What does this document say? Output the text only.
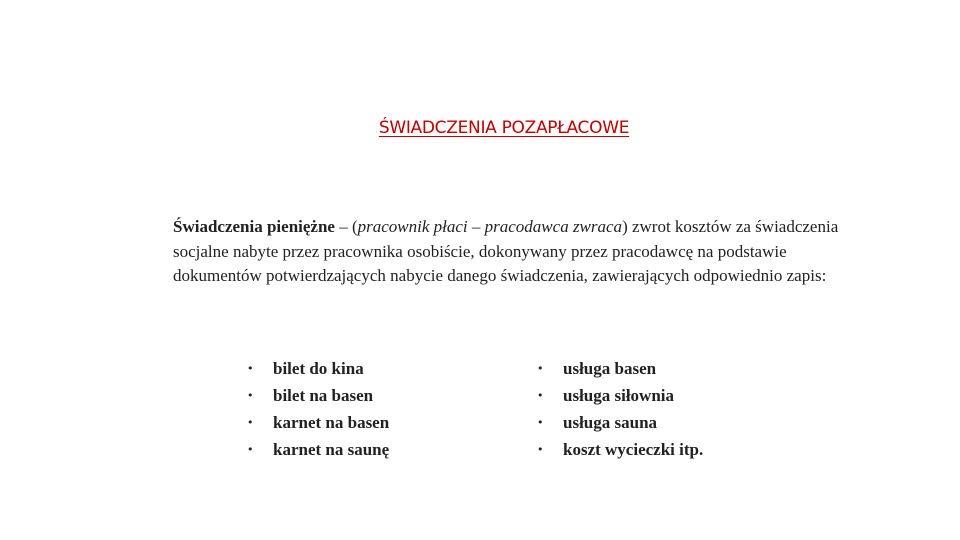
ŚWIADCZENIA POZAPŁACOWE

Świadczenia pieniężne – (pracownik płaci – pracodawca zwraca) zwrot kosztów za świadczenia socjalne nabyte przez pracownika osobiście, dokonywany przez pracodawcę na podstawie dokumentów potwierdzających nabycie danego świadczenia, zawierających odpowiednio zapis:

•	bilet do kina
•	bilet na basen
•	karnet na basen
•	karnet na saunę
•	usługa basen
•	usługa siłownia
•	usługa sauna
•	koszt wycieczki itp.
